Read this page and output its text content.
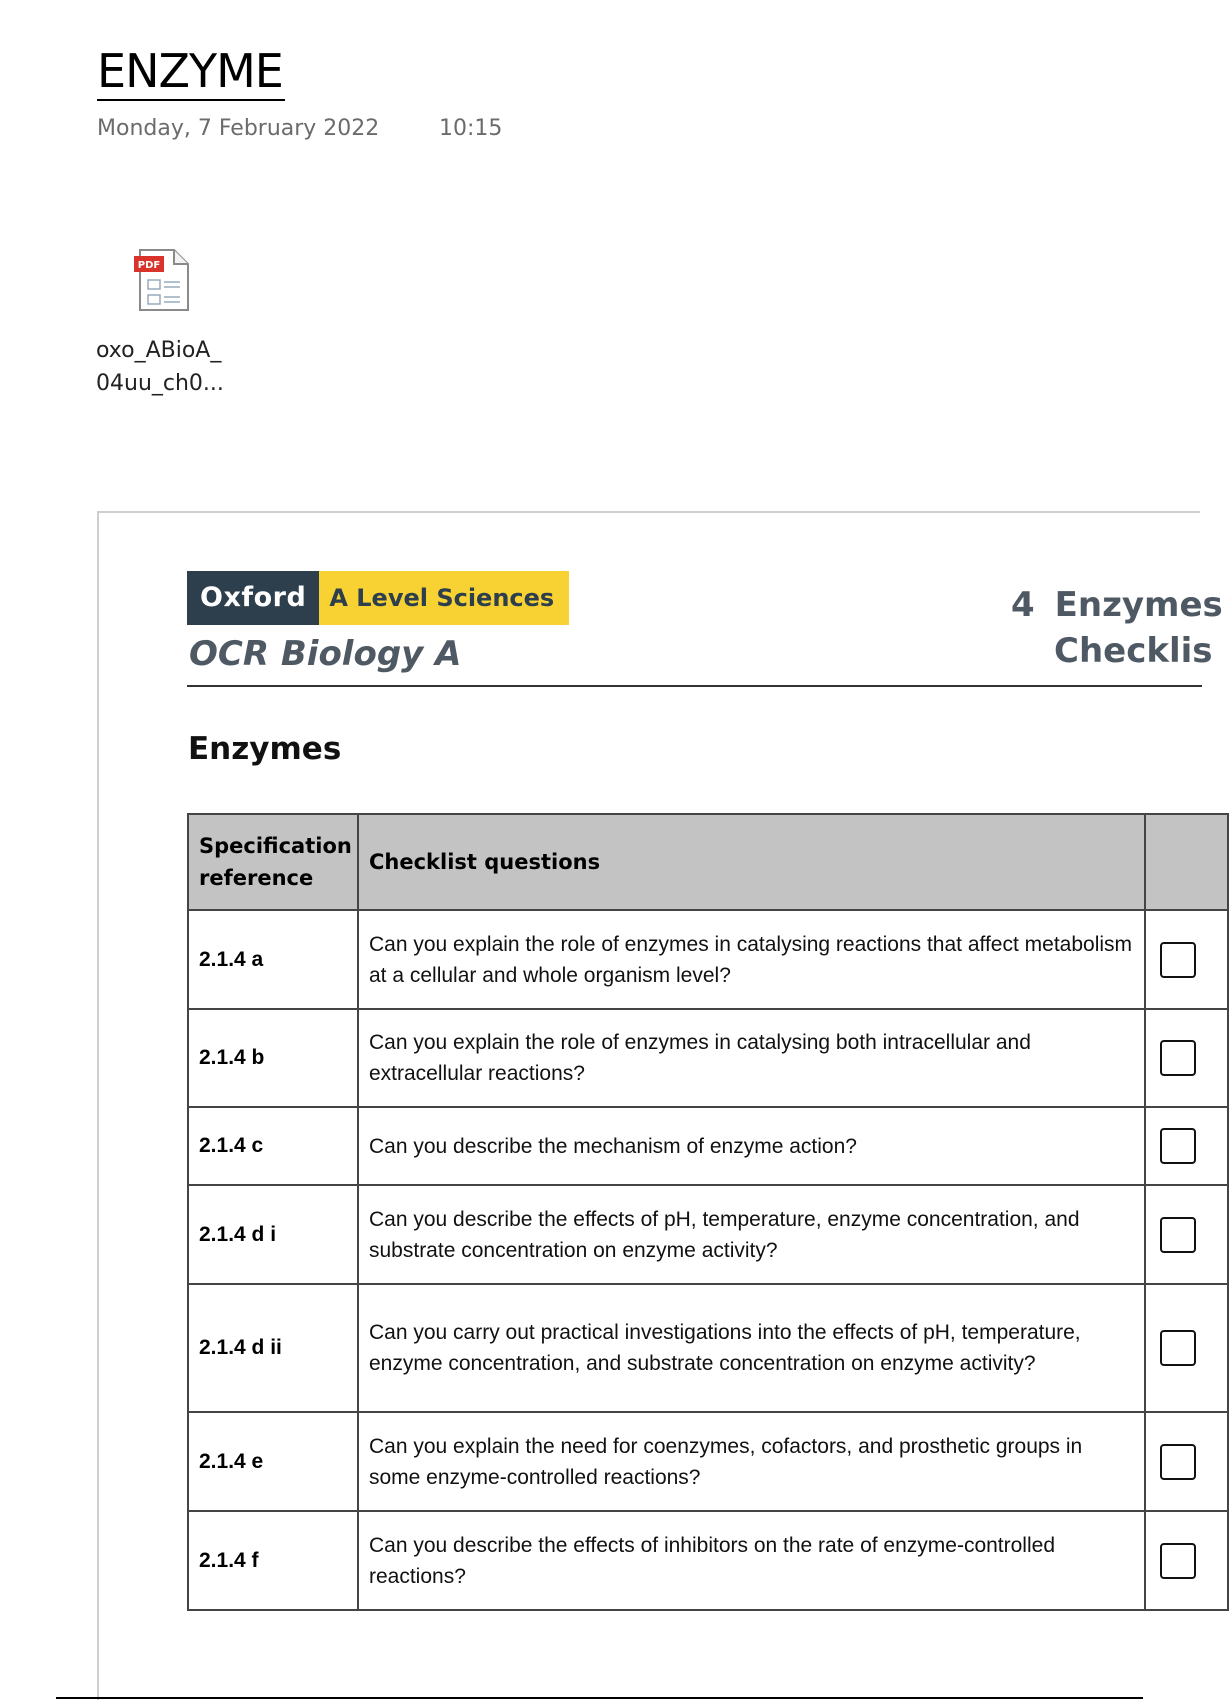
ENZYME
Monday, 7 February 2022	10:15
PDF
oxo_ABioA_
04uu_ch0...
Oxford A Level Sciences
OCR Biology A
4 Enzymes
Checklis
Enzymes
Specification reference	Checklist questions	
2.1.4 a	Can you explain the role of enzymes in catalysing reactions that affect metabolism at a cellular and whole organism level?	

2.1.4 b	Can you explain the role of enzymes in catalysing both intracellular and extracellular reactions?	

2.1.4 c	Can you describe the mechanism of enzyme action?	

2.1.4 d i	Can you describe the effects of pH, temperature, enzyme concentration, and substrate concentration on enzyme activity?	

2.1.4 d ii	Can you carry out practical investigations into the effects of pH, temperature, enzyme concentration, and substrate concentration on enzyme activity?	

2.1.4 e	Can you explain the need for coenzymes, cofactors, and prosthetic groups in some enzyme-controlled reactions?	

2.1.4 f	Can you describe the effects of inhibitors on the rate of enzyme-controlled reactions?	
